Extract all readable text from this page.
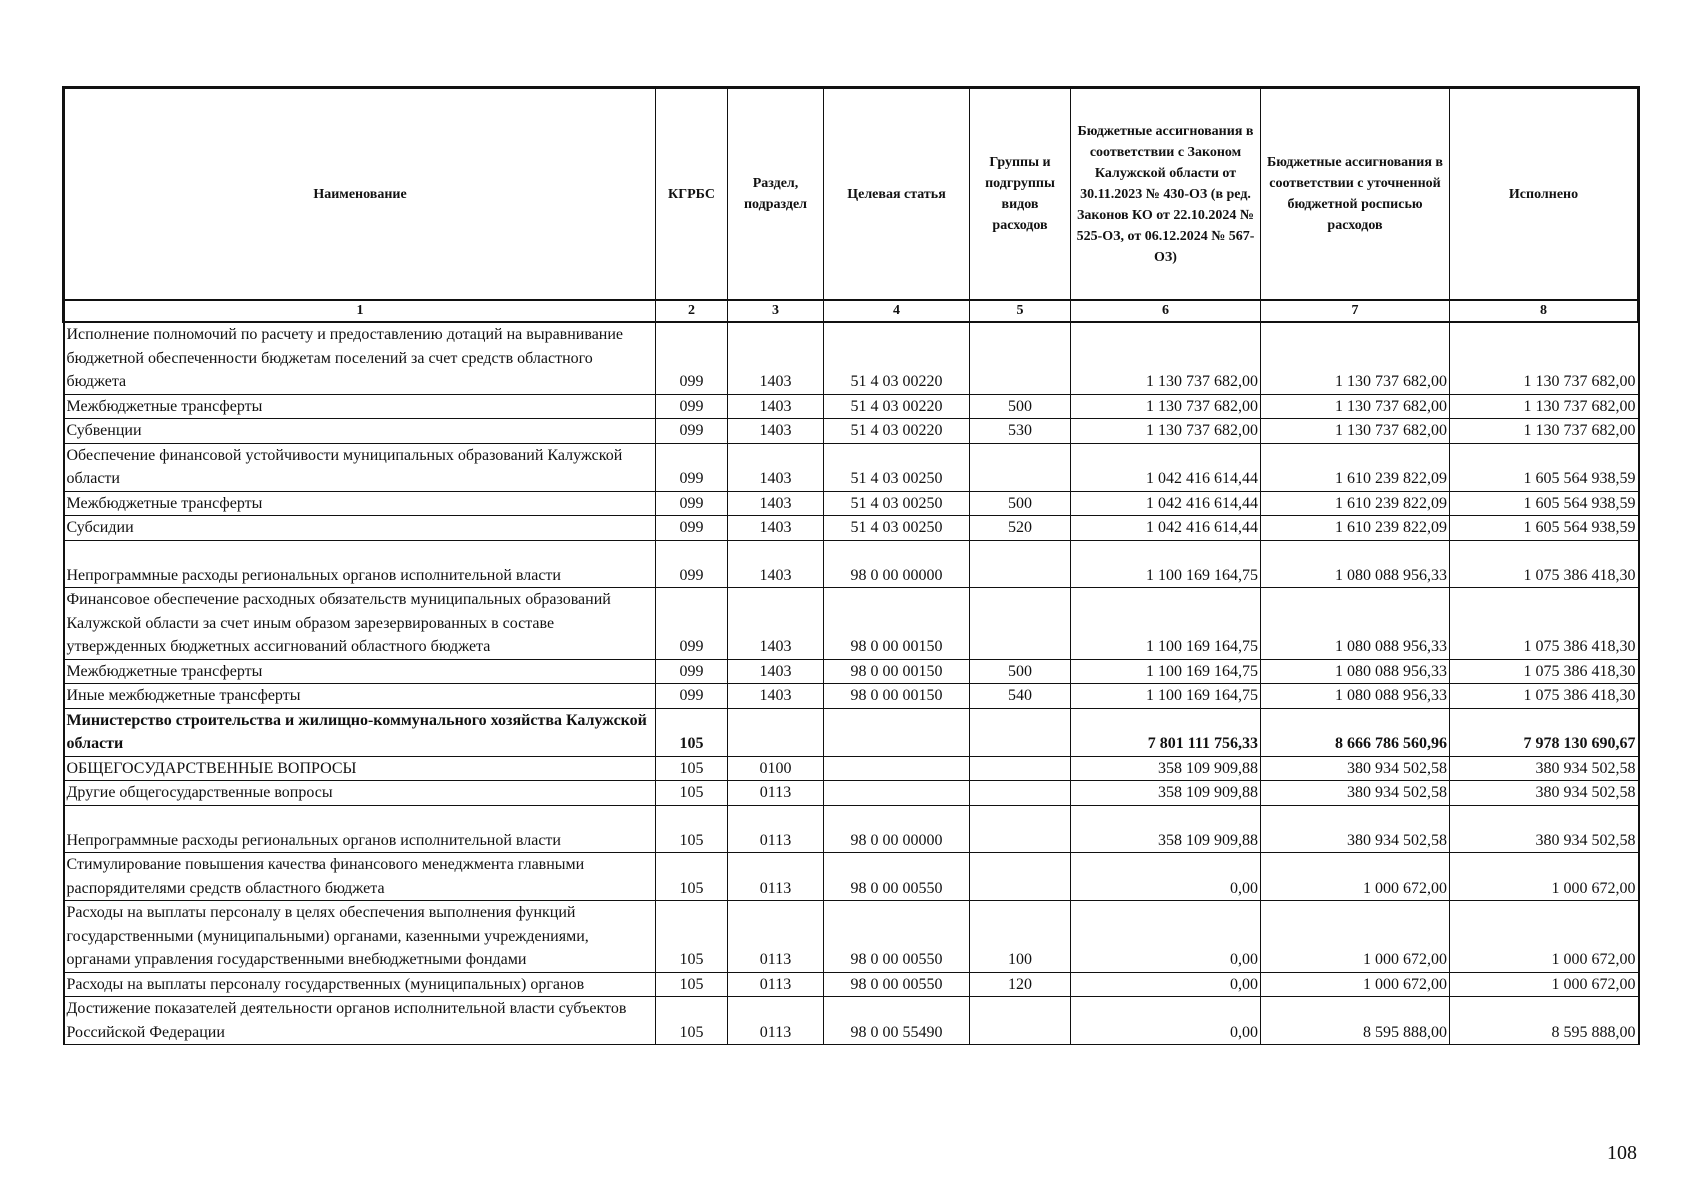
Наименование	КГРБС	Раздел, подраздел	Целевая статья	Группы и подгруппы видов расходов	Бюджетные ассигнования в соответствии с Законом Калужской области от 30.11.2023 № 430-ОЗ (в ред. Законов КО от 22.10.2024 № 525-ОЗ, от 06.12.2024 № 567-ОЗ)	Бюджетные ассигнования в соответствии с уточненной бюджетной росписью расходов	Исполнено
1	2	3	4	5	6	7	8
Исполнение полномочий по расчету и предоставлению дотаций на выравнивание бюджетной обеспеченности бюджетам поселений за счет средств областного бюджета	099	1403	51 4 03 00220		1 130 737 682,00	1 130 737 682,00	1 130 737 682,00
Межбюджетные трансферты	099	1403	51 4 03 00220	500	1 130 737 682,00	1 130 737 682,00	1 130 737 682,00
Субвенции	099	1403	51 4 03 00220	530	1 130 737 682,00	1 130 737 682,00	1 130 737 682,00
Обеспечение финансовой устойчивости муниципальных образований Калужской области	099	1403	51 4 03 00250		1 042 416 614,44	1 610 239 822,09	1 605 564 938,59
Межбюджетные трансферты	099	1403	51 4 03 00250	500	1 042 416 614,44	1 610 239 822,09	1 605 564 938,59
Субсидии	099	1403	51 4 03 00250	520	1 042 416 614,44	1 610 239 822,09	1 605 564 938,59
Непрограммные расходы региональных органов исполнительной власти	099	1403	98 0 00 00000		1 100 169 164,75	1 080 088 956,33	1 075 386 418,30
Финансовое обеспечение расходных обязательств муниципальных образований Калужской области за счет иным образом зарезервированных в составе утвержденных бюджетных ассигнований областного бюджета	099	1403	98 0 00 00150		1 100 169 164,75	1 080 088 956,33	1 075 386 418,30
Межбюджетные трансферты	099	1403	98 0 00 00150	500	1 100 169 164,75	1 080 088 956,33	1 075 386 418,30
Иные межбюджетные трансферты	099	1403	98 0 00 00150	540	1 100 169 164,75	1 080 088 956,33	1 075 386 418,30
Министерство строительства и жилищно-коммунального хозяйства Калужской области	105				7 801 111 756,33	8 666 786 560,96	7 978 130 690,67
ОБЩЕГОСУДАРСТВЕННЫЕ ВОПРОСЫ	105	0100			358 109 909,88	380 934 502,58	380 934 502,58
Другие общегосударственные вопросы	105	0113			358 109 909,88	380 934 502,58	380 934 502,58
Непрограммные расходы региональных органов исполнительной власти	105	0113	98 0 00 00000		358 109 909,88	380 934 502,58	380 934 502,58
Стимулирование повышения качества финансового менеджмента главными распорядителями средств областного бюджета	105	0113	98 0 00 00550		0,00	1 000 672,00	1 000 672,00
Расходы на выплаты персоналу в целях обеспечения выполнения функций государственными (муниципальными) органами, казенными учреждениями, органами управления государственными внебюджетными фондами	105	0113	98 0 00 00550	100	0,00	1 000 672,00	1 000 672,00
Расходы на выплаты персоналу государственных (муниципальных) органов	105	0113	98 0 00 00550	120	0,00	1 000 672,00	1 000 672,00
Достижение показателей деятельности органов исполнительной власти субъектов Российской Федерации	105	0113	98 0 00 55490		0,00	8 595 888,00	8 595 888,00
108
